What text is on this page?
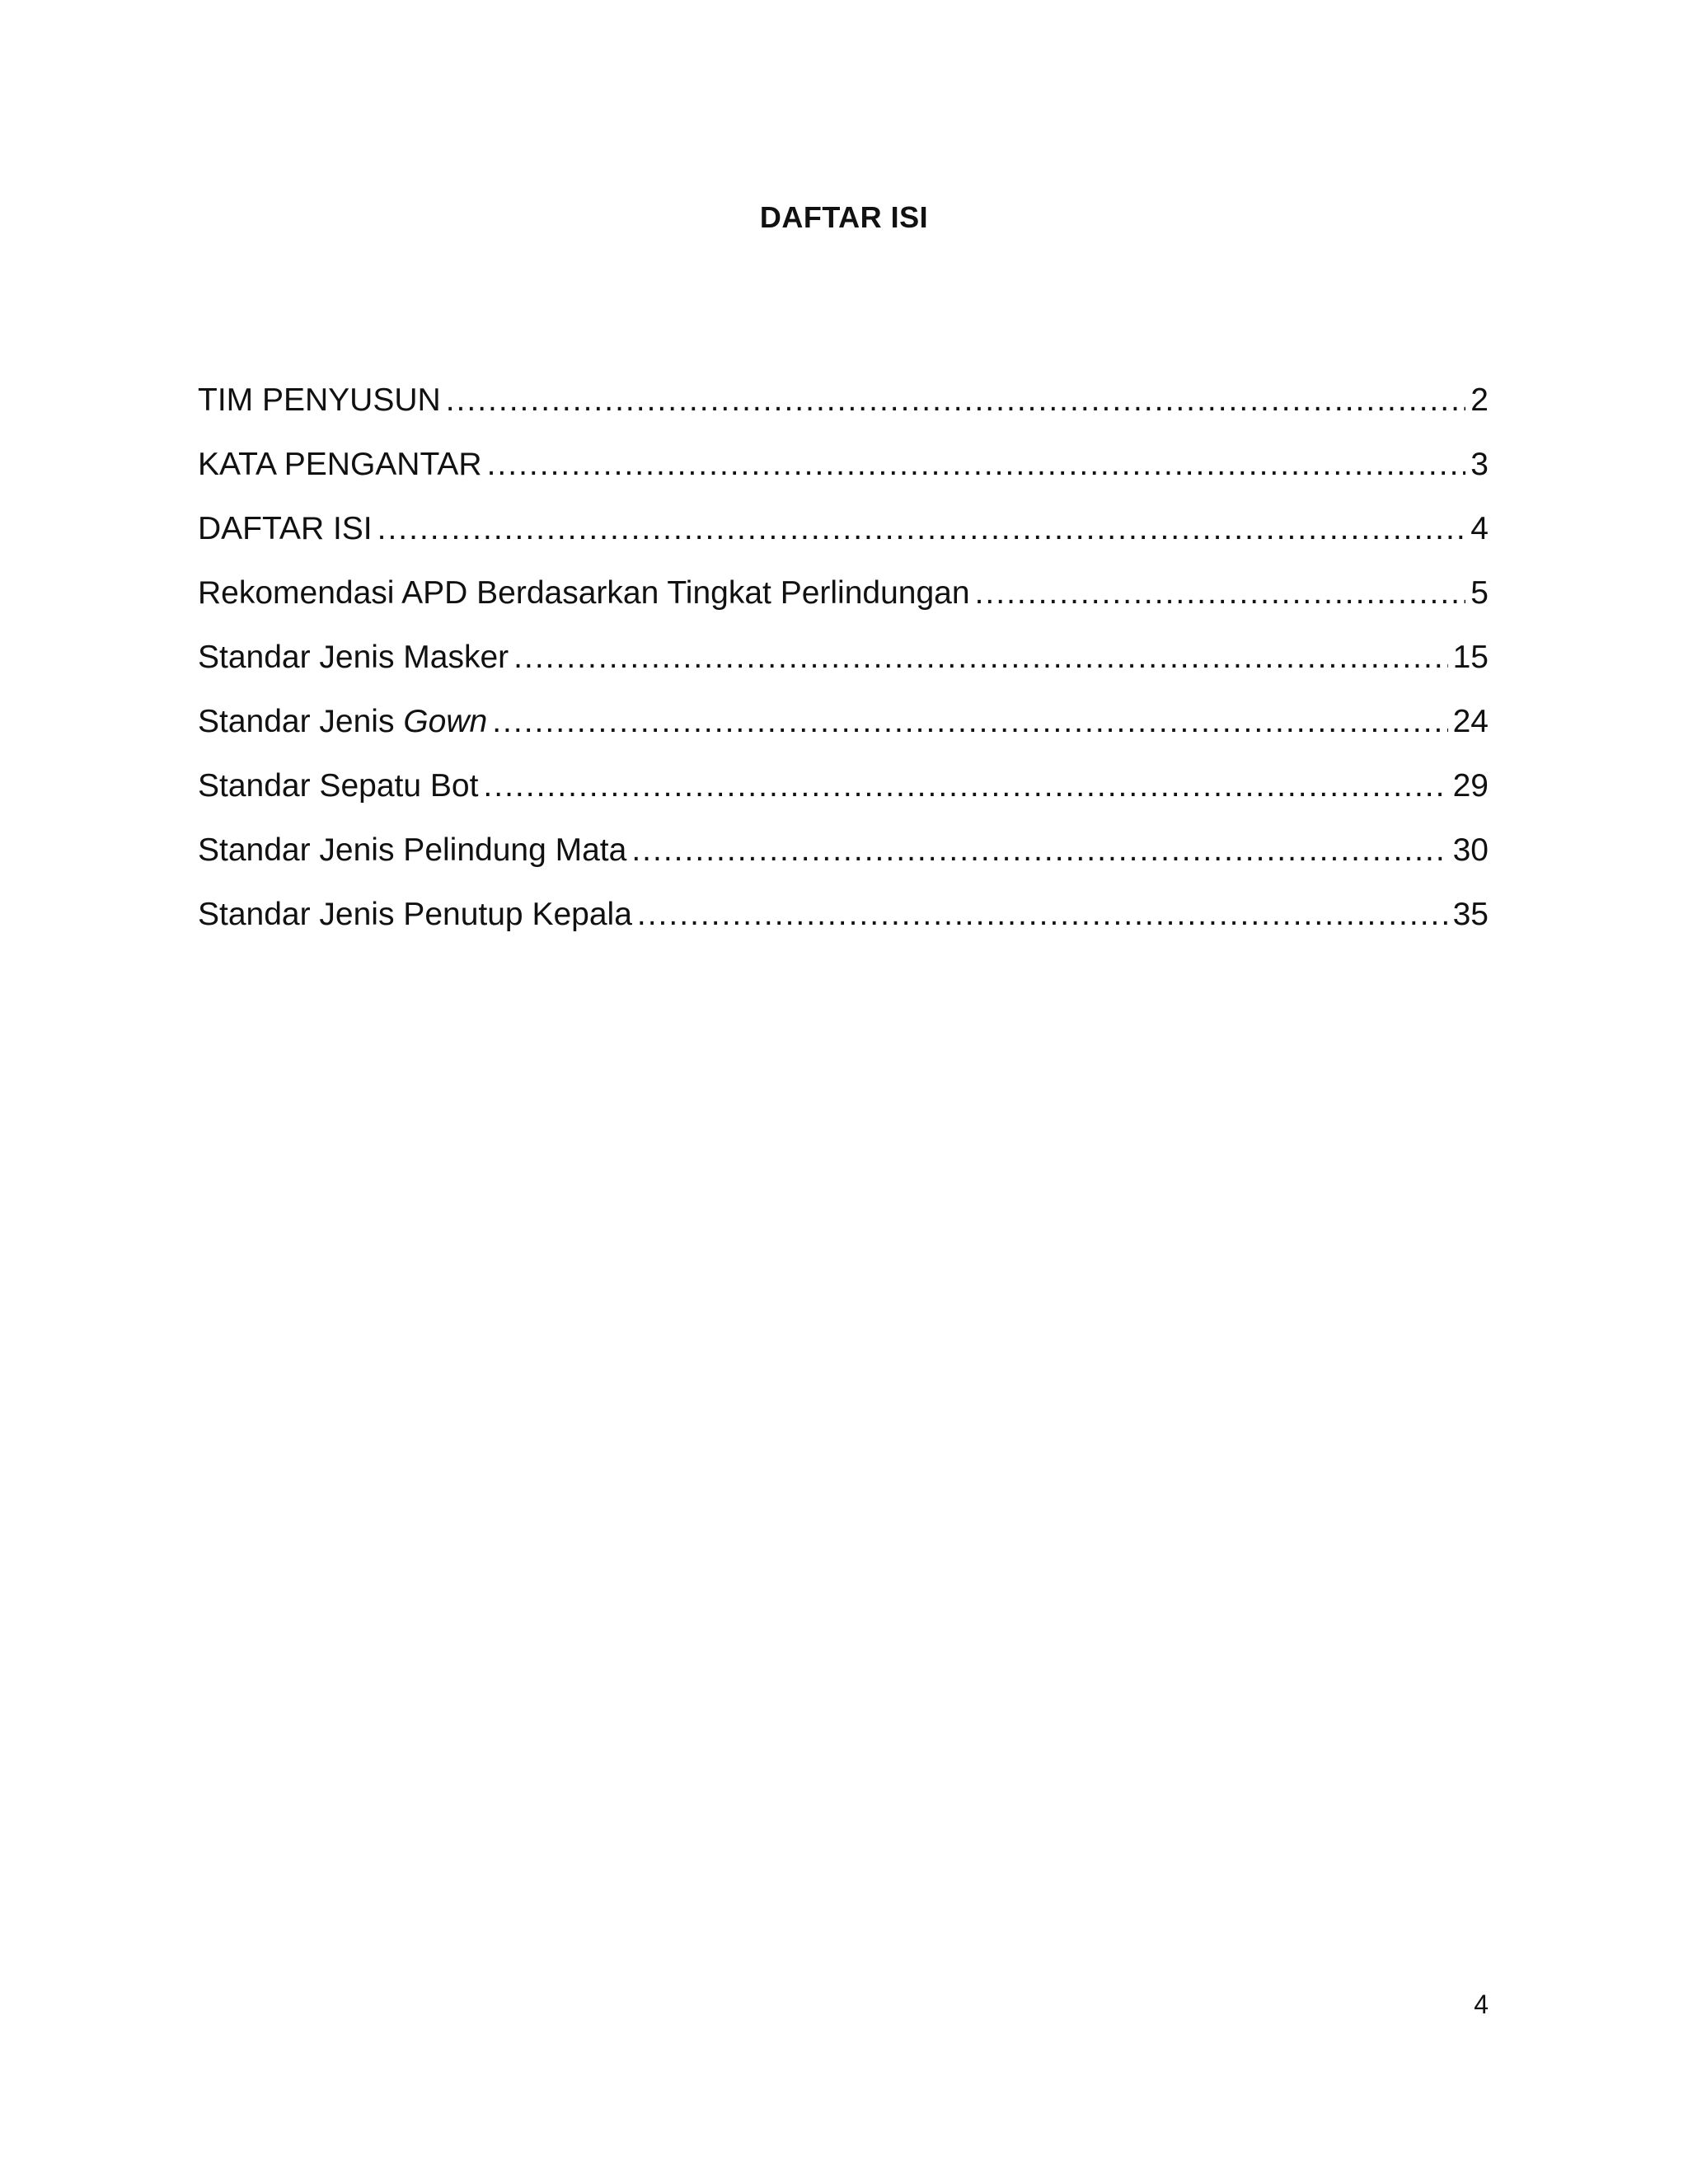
DAFTAR ISI
TIM PENYUSUN .....	2
KATA PENGANTAR .....	3
DAFTAR ISI .....	4
Rekomendasi APD Berdasarkan Tingkat Perlindungan .....	5
Standar Jenis Masker .....	15
Standar Jenis Gown .....	24
Standar Sepatu Bot .....	29
Standar Jenis Pelindung Mata .....	30
Standar Jenis Penutup Kepala .....	35
4
